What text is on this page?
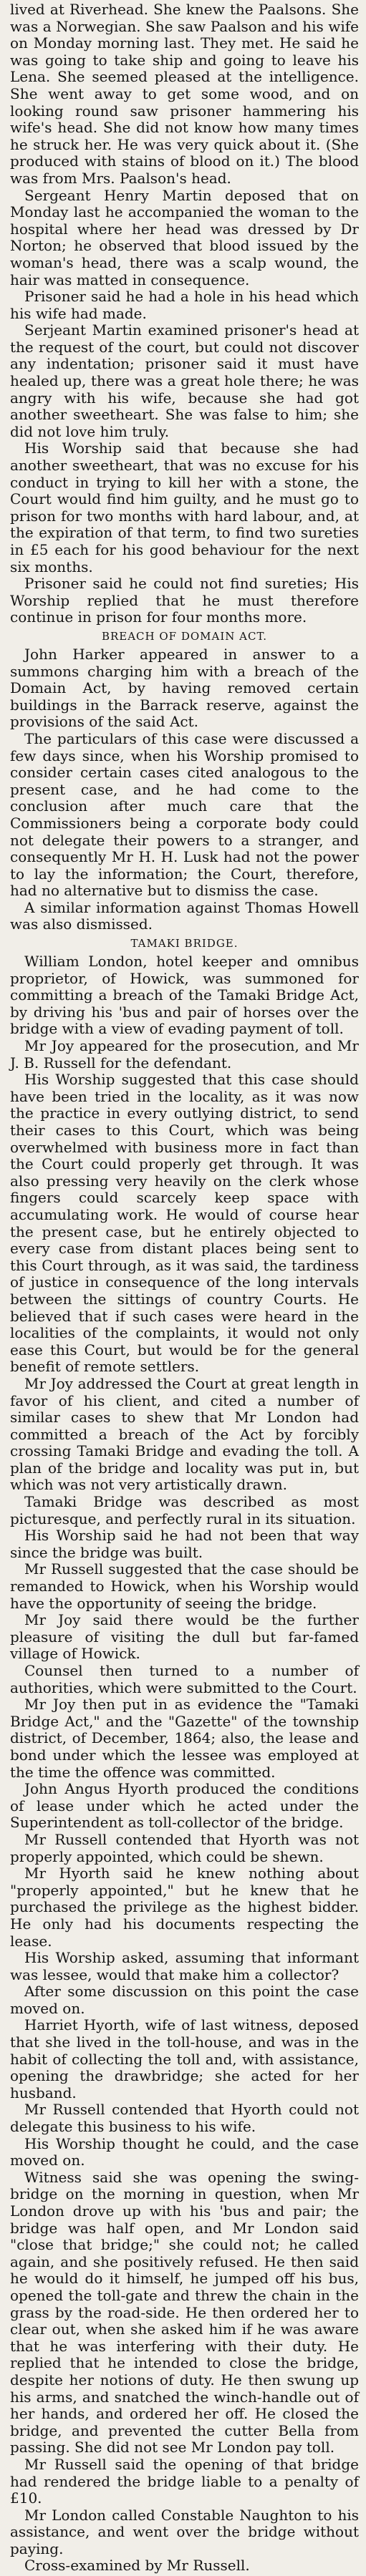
lived at Riverhead. She knew the Paalsons. She was a Norwegian. She saw Paalson and his wife on Monday morning last. They met. He said he was going to take ship and going to leave his Lena. She seemed pleased at the intelligence. She went away to get some wood, and on looking round saw prisoner hammering his wife's head. She did not know how many times he struck her. He was very quick about it. (She produced with stains of blood on it.) The blood was from Mrs. Paalson's head.

Sergeant Henry Martin deposed that on Monday last he accompanied the woman to the hospital where her head was dressed by Dr Norton; he observed that blood issued by the woman's head, there was a scalp wound, the hair was matted in consequence.

Prisoner said he had a hole in his head which his wife had made.

Serjeant Martin examined prisoner's head at the request of the court, but could not discover any indentation; prisoner said it must have healed up, there was a great hole there; he was angry with his wife, because she had got another sweetheart. She was false to him; she did not love him truly.

His Worship said that because she had another sweetheart, that was no excuse for his conduct in trying to kill her with a stone, the Court would find him guilty, and he must go to prison for two months with hard labour, and, at the expiration of that term, to find two sureties in £5 each for his good behaviour for the next six months.

Prisoner said he could not find sureties; His Worship replied that he must therefore continue in prison for four months more.

BREACH OF DOMAIN ACT.

John Harker appeared in answer to a summons charging him with a breach of the Domain Act, by having removed certain buildings in the Barrack reserve, against the provisions of the said Act.

The particulars of this case were discussed a few days since, when his Worship promised to consider certain cases cited analogous to the present case, and he had come to the conclusion after much care that the Commissioners being a corporate body could not delegate their powers to a stranger, and consequently Mr H. H. Lusk had not the power to lay the information; the Court, therefore, had no alternative but to dismiss the case.

A similar information against Thomas Howell was also dismissed.

TAMAKI BRIDGE.

William London, hotel keeper and omnibus proprietor, of Howick, was summoned for committing a breach of the Tamaki Bridge Act, by driving his 'bus and pair of horses over the bridge with a view of evading payment of toll.

Mr Joy appeared for the prosecution, and Mr J. B. Russell for the defendant.

His Worship suggested that this case should have been tried in the locality, as it was now the practice in every outlying district, to send their cases to this Court, which was being overwhelmed with business more in fact than the Court could properly get through. It was also pressing very heavily on the clerk whose fingers could scarcely keep space with accumulating work. He would of course hear the present case, but he entirely objected to every case from distant places being sent to this Court through, as it was said, the tardiness of justice in consequence of the long intervals between the sittings of country Courts. He believed that if such cases were heard in the localities of the complaints, it would not only ease this Court, but would be for the general benefit of remote settlers.

Mr Joy addressed the Court at great length in favor of his client, and cited a number of similar cases to shew that Mr London had committed a breach of the Act by forcibly crossing Tamaki Bridge and evading the toll. A plan of the bridge and locality was put in, but which was not very artistically drawn.

Tamaki Bridge was described as most picturesque, and perfectly rural in its situation.

His Worship said he had not been that way since the bridge was built.

Mr Russell suggested that the case should be remanded to Howick, when his Worship would have the opportunity of seeing the bridge.

Mr Joy said there would be the further pleasure of visiting the dull but far-famed village of Howick.

Counsel then turned to a number of authorities, which were submitted to the Court.

Mr Joy then put in as evidence the "Tamaki Bridge Act," and the "Gazette" of the township district, of December, 1864; also, the lease and bond under which the lessee was employed at the time the offence was committed.

John Angus Hyorth produced the conditions of lease under which he acted under the Superintendent as toll-collector of the bridge.

Mr Russell contended that Hyorth was not properly appointed, which could be shewn.

Mr Hyorth said he knew nothing about "properly appointed," but he knew that he purchased the privilege as the highest bidder. He only had his documents respecting the lease.

His Worship asked, assuming that informant was lessee, would that make him a collector?

After some discussion on this point the case moved on.

Harriet Hyorth, wife of last witness, deposed that she lived in the toll-house, and was in the habit of collecting the toll and, with assistance, opening the drawbridge; she acted for her husband.

Mr Russell contended that Hyorth could not delegate this business to his wife.

His Worship thought he could, and the case moved on.

Witness said she was opening the swing-bridge on the morning in question, when Mr London drove up with his 'bus and pair; the bridge was half open, and Mr London said "close that bridge;" she could not; he called again, and she positively refused. He then said he would do it himself, he jumped off his bus, opened the toll-gate and threw the chain in the grass by the road-side. He then ordered her to clear out, when she asked him if he was aware that he was interfering with their duty. He replied that he intended to close the bridge, despite her notions of duty. He then swung up his arms, and snatched the winch-handle out of her hands, and ordered her off. He closed the bridge, and prevented the cutter Bella from passing. She did not see Mr London pay toll.

Mr Russell said the opening of that bridge had rendered the bridge liable to a penalty of £10.

Mr London called Constable Naughton to his assistance, and went over the bridge without paying.

Cross-examined by Mr Russell.
